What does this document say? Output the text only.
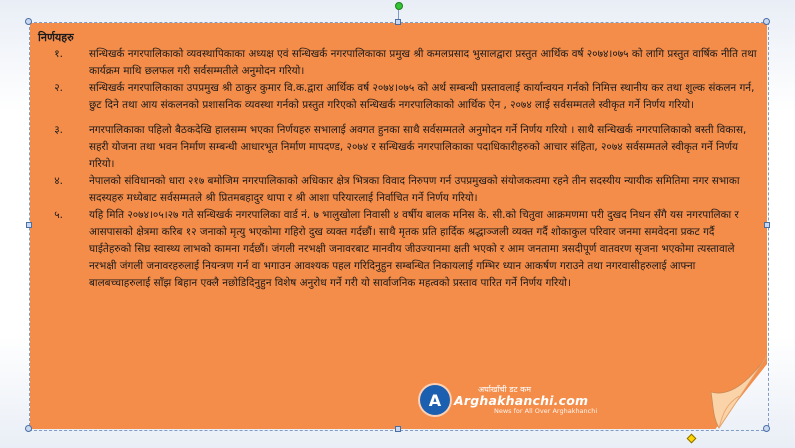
निर्णयहरु
१.	सन्धिखर्क नगरपालिकाको व्यवस्थापिकाका अध्यक्ष एवं सन्धिखर्क नगरपालिकाका प्रमुख श्री कमलप्रसाद भुसालद्वारा प्रस्तुत आर्थिक वर्ष २०७४।०७५ को लागि प्रस्तुत वार्षिक नीति तथा कार्यक्रम माथि छलफल गरी सर्वसम्मतीले अनुमोदन गरियो।
२.	सन्धिखर्क नगरपालिकाका उपप्रमुख श्री ठाकुर कुमार वि.क.द्वारा आर्थिक वर्ष २०७४।०७५ को अर्थ सम्बन्धी प्रस्तावलाई कार्यान्वयन गर्नको निमित्त स्थानीय कर तथा शुल्क संकलन गर्न, छुट दिने तथा आय संकलनको प्रशासनिक व्यवस्था गर्नको प्रस्तुत गरिएको सन्धिखर्क नगरपालिकाको आर्थिक ऐन , २०७४ लाई सर्वसम्मतले स्वीकृत गर्ने निर्णय गरियो।
३.	नगरपालिकाका पहिलो बैठकदेखि हालसम्म भएका निर्णयहरु सभालाई अवगत हुनका साथै सर्वसम्मतले अनुमोदन गर्ने निर्णय गरियो । साथै सन्धिखर्क नगरपालिकाको बस्ती विकास, सहरी योजना तथा भवन निर्माण सम्बन्धी आधारभूत निर्माण मापदण्ड, २०७४ र सन्धिखर्क नगरपालिकाका पदाधिकारीहरुको आचार संहिता, २०७४ सर्वसम्मतले स्वीकृत गर्ने निर्णय गरियो।
४.	नेपालको संविधानको धारा २१७ बमोजिम नगरपालिकाको अधिकार क्षेत्र भित्रका विवाद निरुपण गर्न उपप्रमुखको संयोजकत्वमा रहने तीन सदस्यीय न्यायीक समितिमा नगर सभाका सदस्यहरु मध्येबाट सर्वसम्मतले श्री प्रितमबहादुर थापा र श्री आशा परियारलाई निर्वाचित गर्ने निर्णय गरियो।
५.	यहि मिति २०७४।०५।२७ गते सन्धिखर्क नगरपालिका वार्ड नं. ७ भालुखोला निवासी ४ वर्षीय बालक मनिस के. सी.को चितुवा आक्रमणमा परी दुखद निधन सँगै यस नगरपालिका र आसपासको क्षेत्रमा करिब १२ जनाको मृत्यु भएकोमा गहिरो दुख व्यक्त गर्दछौं। साथै मृतक प्रति हार्दिक श्रद्धाञ्जली व्यक्त गर्दै शोकाकुल परिवार जनमा समवेदना प्रकट गर्दै घाईतेहरुको सिघ्र स्वास्थ्य लाभको कामना गर्दछौं। जंगली नरभक्षी जनावरबाट मानवीय जीउज्यानमा क्षती भएको र आम जनतामा त्रसदीपूर्ण वातवरण सृजना भएकोमा त्यस्तावाले नरभक्षी जंगली जनावरहरुलाई नियन्त्रण गर्न वा भगाउन आवश्यक पहल गरिदिनुहुन सम्बन्धित निकायलाई गम्भिर ध्यान आकर्षण गराउने तथा नगरवासीहरुलाई आफ्ना बालबच्चाहरुलाई साँझ बिहान एक्लै नछोडिदिनुहुन विशेष अनुरोध गर्ने गरी यो सार्वाजनिक महत्वको प्रस्ताव पारित गर्ने निर्णय गरियो।
A
अर्घाखाँची डट कम
Arghakhanchi.com
News for All Over Arghakhanchi
